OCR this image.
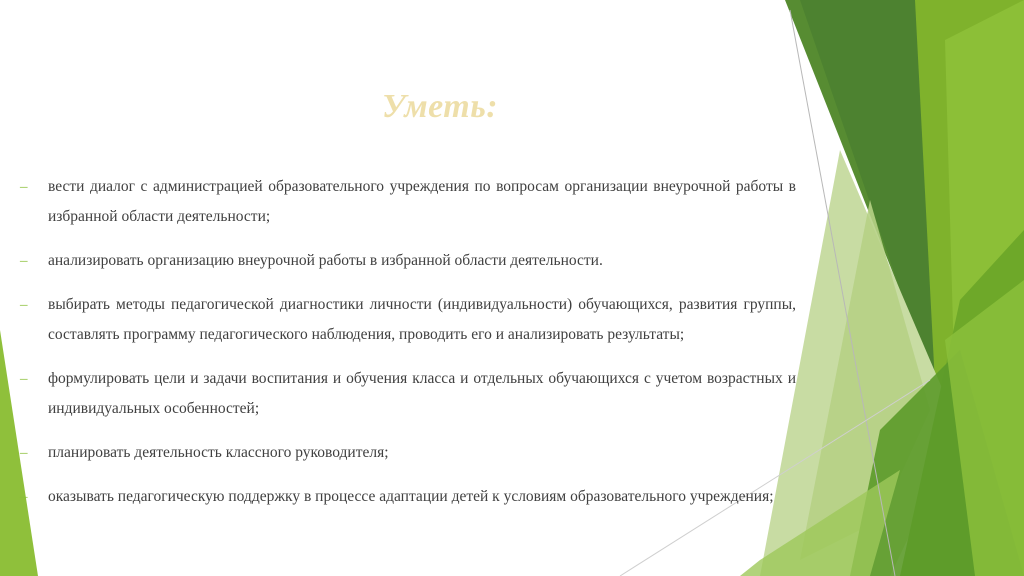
Уметь:
–	вести диалог с администрацией образовательного учреждения по вопросам организации внеурочной работы в избранной области деятельности;
–	анализировать организацию внеурочной работы в избранной области деятельности.
–	выбирать методы педагогической диагностики личности (индивидуальности) обучающихся, развития группы, составлять программу педагогического наблюдения, проводить его и анализировать результаты;
–	формулировать цели и задачи воспитания и обучения класса и отдельных обучающихся с учетом возрастных и индивидуальных особенностей;
–	планировать деятельность классного руководителя;
–	оказывать педагогическую поддержку в процессе адаптации детей к условиям образовательного учреждения;
